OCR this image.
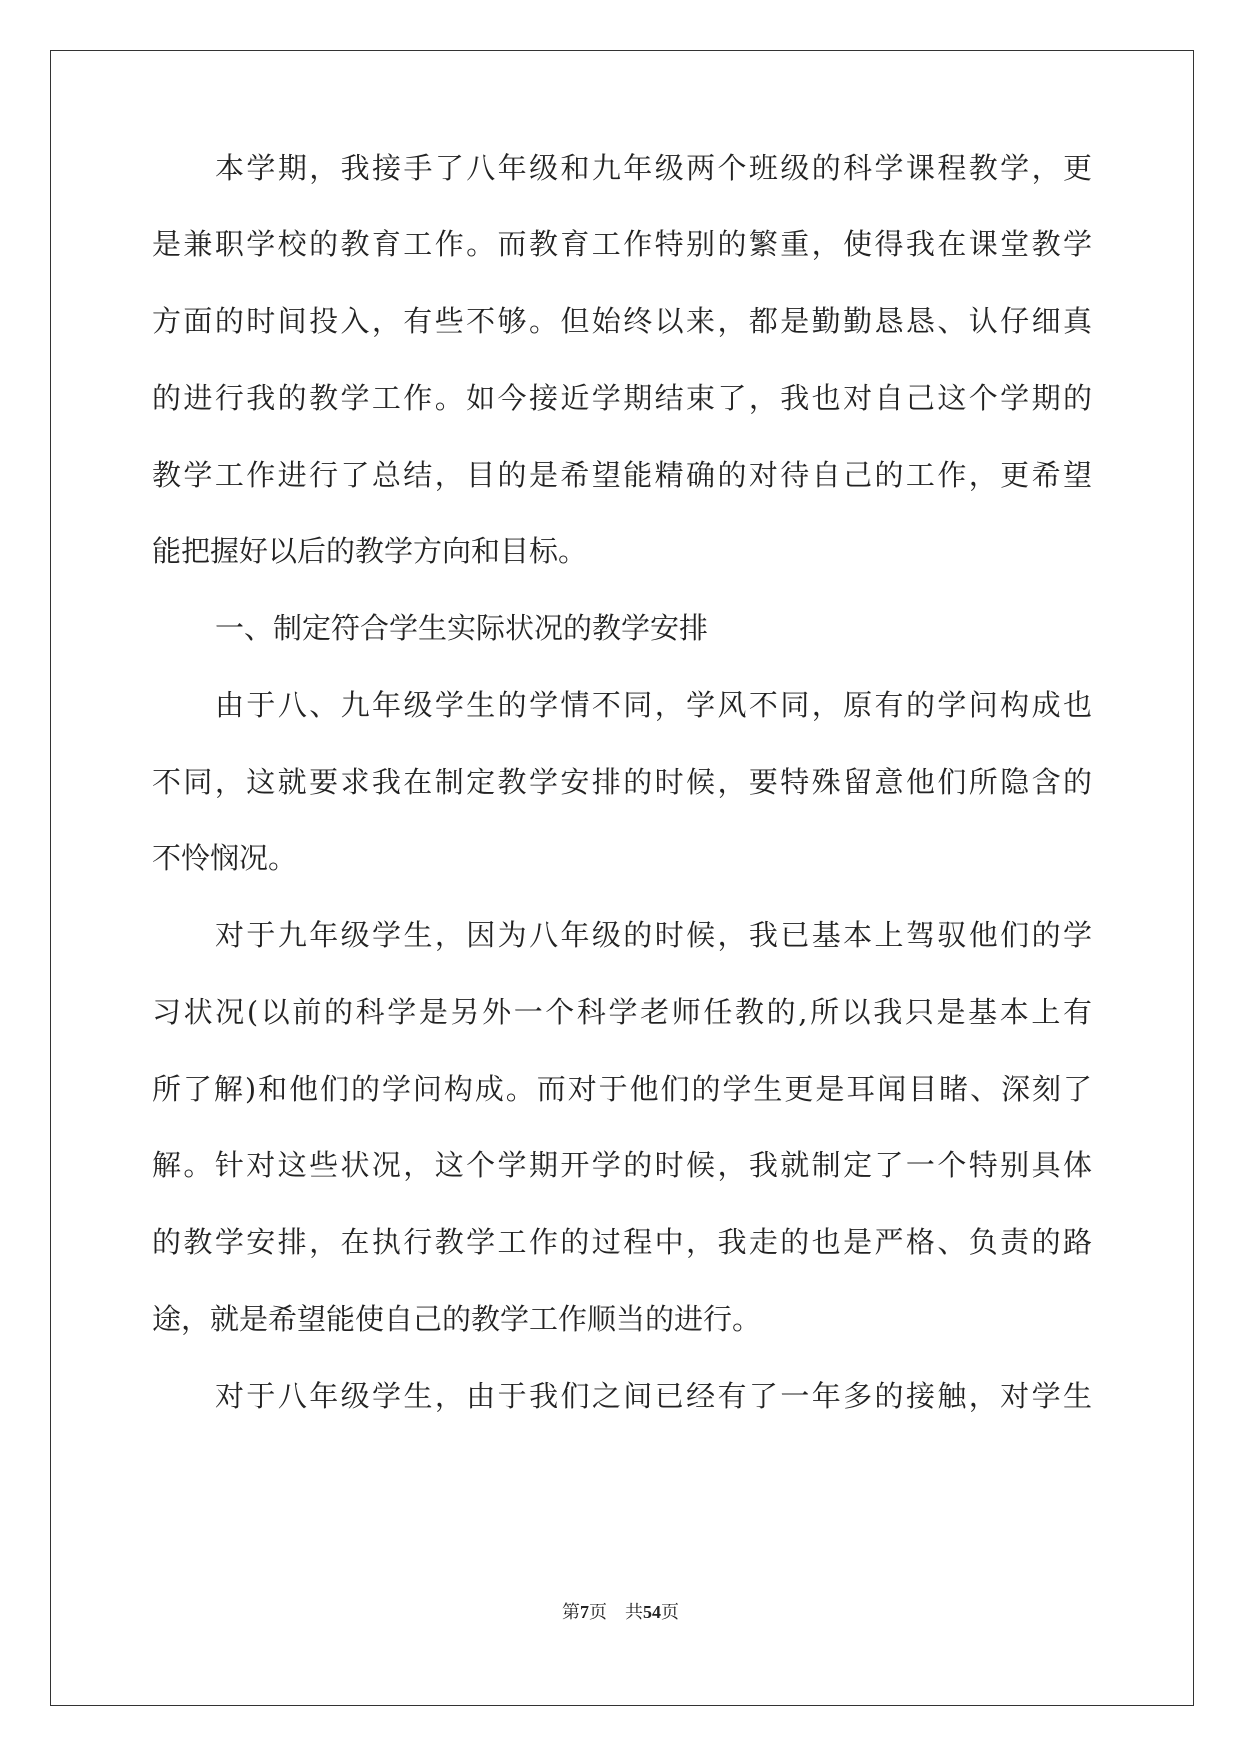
本学期，我接手了八年级和九年级两个班级的科学课程教学，更
是兼职学校的教育工作。而教育工作特别的繁重，使得我在课堂教学
方面的时间投入，有些不够。但始终以来，都是勤勤恳恳、认仔细真
的进行我的教学工作。如今接近学期结束了，我也对自己这个学期的
教学工作进行了总结，目的是希望能精确的对待自己的工作，更希望
能把握好以后的教学方向和目标。
一、制定符合学生实际状况的教学安排
由于八、九年级学生的学情不同，学风不同，原有的学问构成也
不同，这就要求我在制定教学安排的时候，要特殊留意他们所隐含的
不怜悯况。
对于九年级学生，因为八年级的时候，我已基本上驾驭他们的学
习状况(以前的科学是另外一个科学老师任教的,所以我只是基本上有
所了解)和他们的学问构成。而对于他们的学生更是耳闻目睹、深刻了
解。针对这些状况，这个学期开学的时候，我就制定了一个特别具体
的教学安排，在执行教学工作的过程中，我走的也是严格、负责的路
途，就是希望能使自己的教学工作顺当的进行。
对于八年级学生，由于我们之间已经有了一年多的接触，对学生
第7页　共54页
